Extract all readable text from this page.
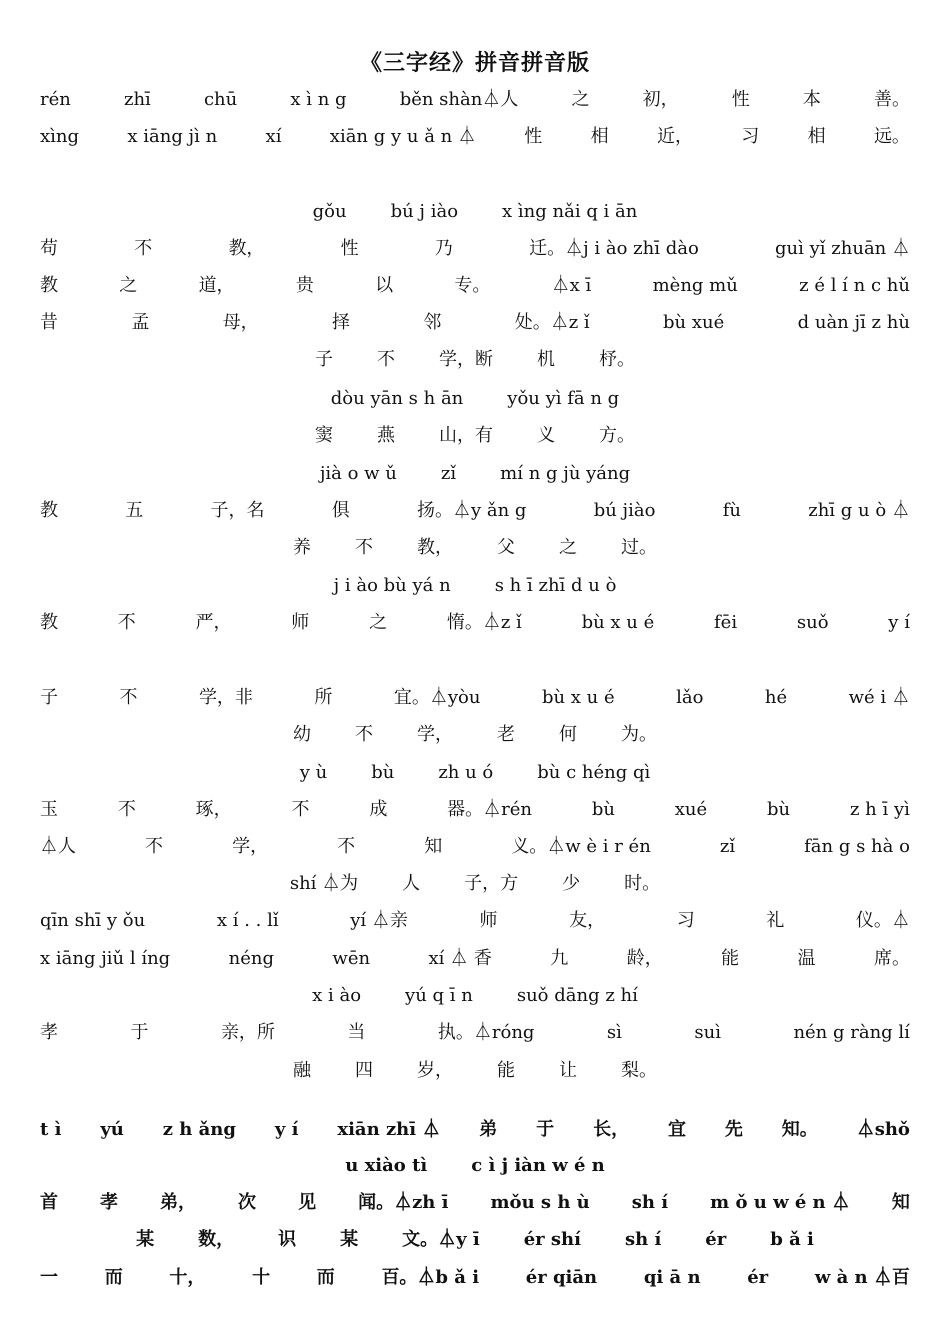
《三字经》拼音拼音版
rén	zhī	chū	x ì n g	běn shàn⏃人	之	初，	性	本	善。
xìng	x iāng jì n	xí	xiān g y u ǎ n ⏃	性	相	近，	习	相	远。
gǒu bú j iào x ìng nǎi q i ān
苟	不	教，	性	乃	迁。⏃j i ào zhī dào	guì yǐ zhuān ⏃
教	之	道，	贵	以	专。	⏃x ī	mèng mǔ	z é l í n c hǔ
昔	孟	母，	择	邻	处。⏃z ǐ	bù xué	d uàn jī z hù
子 不 学，断 机 杼。
dòu yān s h ān yǒu yì fā n g
窦 燕 山，有 义 方。
jià o w ǔ zǐ mí n g jù yáng
教	五	子，名	俱	扬。⏃y ǎn g	bú jiào	fù	zhī g u ò ⏃
养 不 教， 父 之 过。
j i ào bù yá n s h ī zhī d u ò
教	不	严，	师	之	惰。⏃z ǐ	bù x u é	fēi	suǒ	y í
子	不	学，非	所	宜。⏃yòu	bù x u é	lǎo	hé	wé i ⏃
幼 不 学， 老 何 为。
y ù bù zh u ó bù c héng qì
玉	不	琢，	不	成	器。⏃rén	bù	xué	bù	z h ī yì
⏃人	不	学，	不	知	义。⏃w è i r én	zǐ	fān g s hà o
shí ⏃为 人 子，方 少 时。
qīn shī y ǒu	x í . . lǐ	yí ⏃亲	师	友，	习	礼	仪。⏃
x iāng jiǔ l íng	néng	wēn	xí ⏃ 香	九	龄，	能	温	席。
x i ào yú q ī n suǒ dāng z hí
孝	于	亲，所	当	执。⏃róng	sì	suì	nén g ràng lí
融 四 岁， 能 让 梨。
t ì yú z h ǎng y í xiān zhī ⏃ 弟 于 长， 宜 先 知。 ⏃shǒ
u xiào tì c ì j iàn w é n
首 孝 弟， 次 见 闻。⏃zh ī mǒu s h ù sh í m ǒ u w é n ⏃ 知
某 数， 识 某 文。⏃y ī ér shí sh í ér b ǎ i
一	而	十，	十	而	百。⏃b ǎ i	ér qiān	qi ā n	ér	w à n ⏃百
